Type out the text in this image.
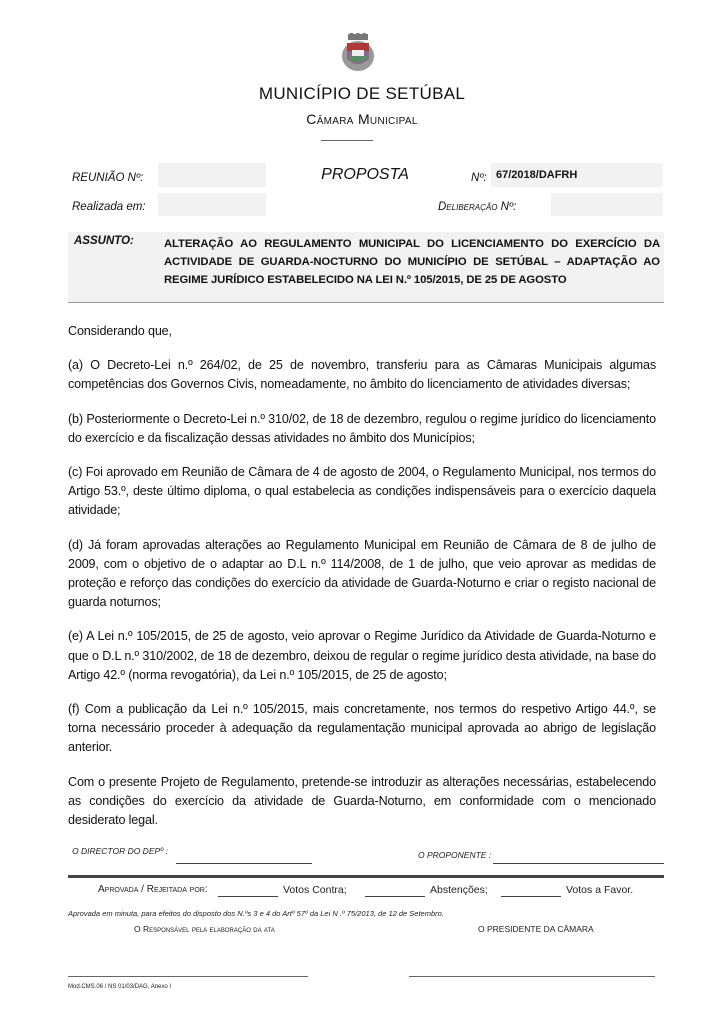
MUNICÍPIO DE SETÚBAL
Câmara Municipal
REUNIÃO Nº:	PROPOSTA	Nº: 67/2018/DAFRH
Realizada em:	Deliberação Nº:
ASSUNTO:	ALTERAÇÃO AO REGULAMENTO MUNICIPAL DO LICENCIAMENTO DO EXERCÍCIO DA ACTIVIDADE DE GUARDA-NOCTURNO DO MUNICÍPIO DE SETÚBAL – ADAPTAÇÃO AO REGIME JURÍDICO ESTABELECIDO NA LEI N.º 105/2015, DE 25 DE AGOSTO

Considerando que,

(a) O Decreto-Lei n.º 264/02, de 25 de novembro, transferiu para as Câmaras Municipais algumas competências dos Governos Civis, nomeadamente, no âmbito do licenciamento de atividades diversas;

(b) Posteriormente o Decreto-Lei n.º 310/02, de 18 de dezembro, regulou o regime jurídico do licenciamento do exercício e da fiscalização dessas atividades no âmbito dos Municípios;

(c) Foi aprovado em Reunião de Câmara de 4 de agosto de 2004, o Regulamento Municipal, nos termos do Artigo 53.º, deste último diploma, o qual estabelecia as condições indispensáveis para o exercício daquela atividade;

(d) Já foram aprovadas alterações ao Regulamento Municipal em Reunião de Câmara de 8 de julho de 2009, com o objetivo de o adaptar ao D.L n.º 114/2008, de 1 de julho, que veio aprovar as medidas de proteção e reforço das condições do exercício da atividade de Guarda-Noturno e criar o registo nacional de guarda noturnos;

(e) A Lei n.º 105/2015, de 25 de agosto, veio aprovar o Regime Jurídico da Atividade de Guarda-Noturno e que o D.L n.º 310/2002, de 18 de dezembro, deixou de regular o regime jurídico desta atividade, na base do Artigo 42.º (norma revogatória), da Lei n.º 105/2015, de 25 de agosto;

(f) Com a publicação da Lei n.º 105/2015, mais concretamente, nos termos do respetivo Artigo 44.º, se torna necessário proceder à adequação da regulamentação municipal aprovada ao abrigo de legislação anterior.

Com o presente Projeto de Regulamento, pretende-se introduzir as alterações necessárias, estabelecendo as condições do exercício da atividade de Guarda-Noturno, em conformidade com o mencionado desiderato legal.

O DIRECTOR DO DEPº :	O PROPONENTE :
Aprovada / Rejeitada por:	Votos Contra;	Abstenções;	Votos a Favor.
Aprovada em minuta, para efeitos do disposto dos N.ºs 3 e 4 do Artº 57º da Lei N .º 75/2013, de 12 de Setembro.
O Responsável pela elaboração da ata	O PRESIDENTE DA CÂMARA
Mod.CMS.06 / NS 01/03/DAG, Anexo I
